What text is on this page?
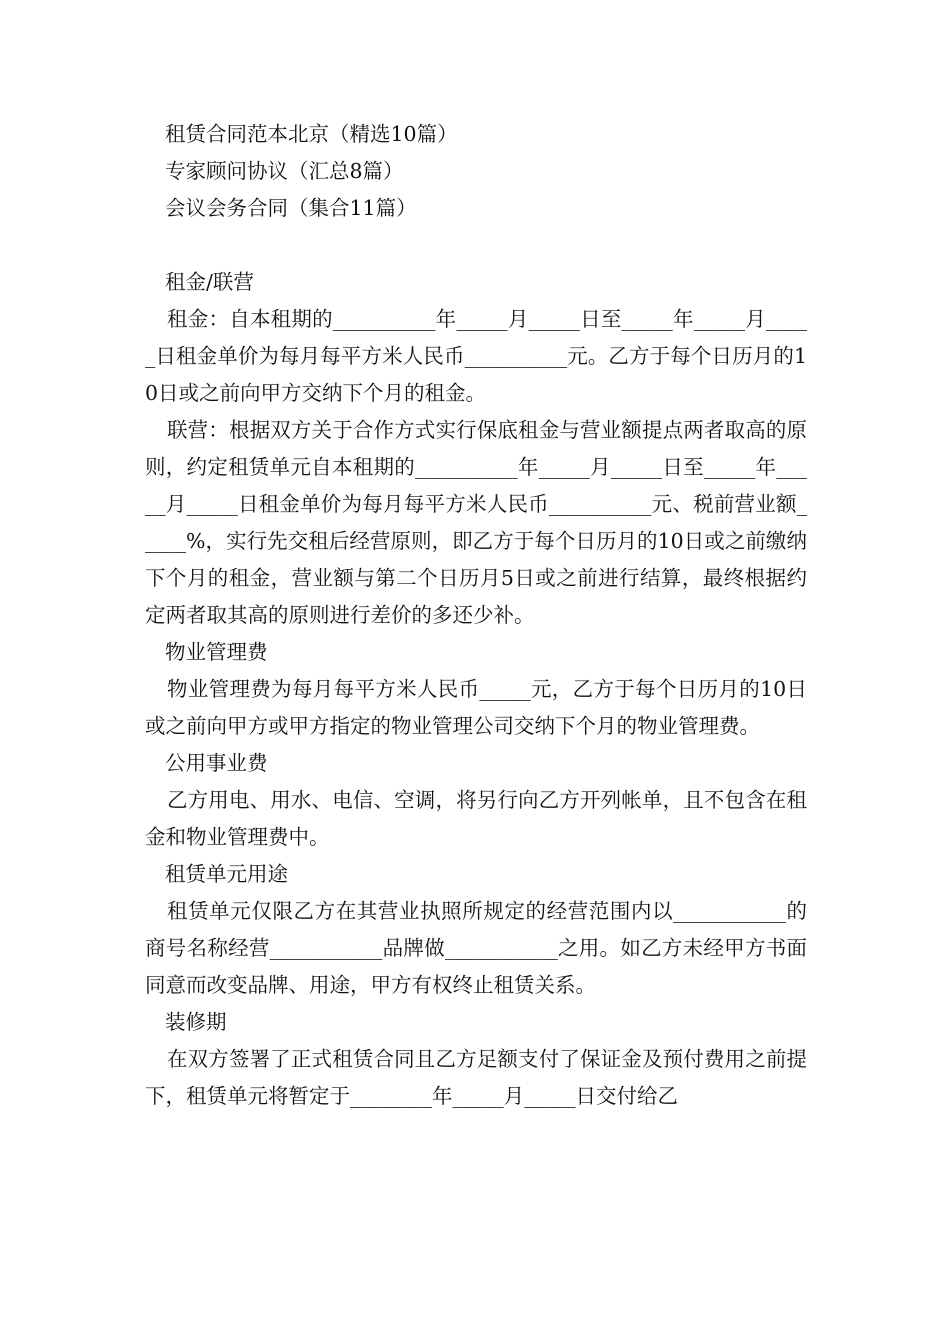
租赁合同范本北京（精选10篇）
专家顾问协议（汇总8篇）
会议会务合同（集合11篇）
租金/联营

租金：自本租期的__________年_____月_____日至_____年_____月_____日租金单价为每月每平方米人民币__________元。乙方于每个日历月的10日或之前向甲方交纳下个月的租金。

联营：根据双方关于合作方式实行保底租金与营业额提点两者取高的原则，约定租赁单元自本租期的__________年_____月_____日至_____年_____月_____日租金单价为每月每平方米人民币__________元、税前营业额_____%，实行先交租后经营原则，即乙方于每个日历月的10日或之前缴纳下个月的租金，营业额与第二个日历月5日或之前进行结算，最终根据约定两者取其高的原则进行差价的多还少补。

物业管理费

物业管理费为每月每平方米人民币_____元，乙方于每个日历月的10日或之前向甲方或甲方指定的物业管理公司交纳下个月的物业管理费。

公用事业费

乙方用电、用水、电信、空调，将另行向乙方开列帐单，且不包含在租金和物业管理费中。

租赁单元用途

租赁单元仅限乙方在其营业执照所规定的经营范围内以___________的商号名称经营___________品牌做___________之用。如乙方未经甲方书面同意而改变品牌、用途，甲方有权终止租赁关系。

装修期

在双方签署了正式租赁合同且乙方足额支付了保证金及预付费用之前提下，租赁单元将暂定于________年_____月_____日交付给乙
